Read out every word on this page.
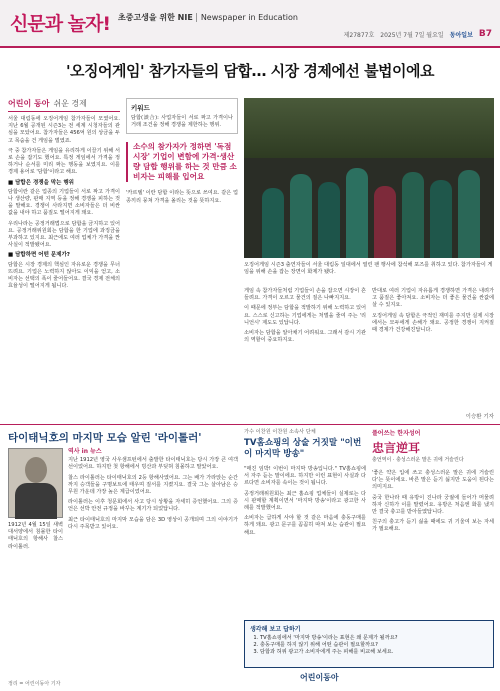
신문과 놀자! 초중고생을 위한 NIE Newspaper in Education
제27877호 2025년 7월 7일 월요일 동아일보 B7
'오징어게임' 참가자들의 담합… 시장 경제에선 불법이에요
어린이 동아 쉬운 경제

서울 대림동에 오징어게임 참가자들이 모였어요. 지난 6월 공개된 시즌3는 전 세계 시청자들의 관심을 모았어요. 참가자들은 456억 원의 상금을 두고 목숨을 건 게임을 벌였죠.

극 중 참가자들은 게임을 유리하게 이끌기 위해 서로 손을 잡기도 했어요. 특정 게임에서 가격을 정하거나 순서를 미리 짜는 행동을 보였지요. 이를 경제 용어로 '담합'이라고 해요.

■ 담합은 경쟁을 막는 행위

담합이란 같은 업종의 기업들이 서로 짜고 가격이나 생산량, 판매 지역 등을 정해 경쟁을 피하는 것을 말해요. 경쟁이 사라지면 소비자들은 더 비싼 값을 내야 하고 품질도 떨어지게 돼요.

우리나라는 공정거래법으로 담합을 금지하고 있어요. 공정거래위원회는 담합을 한 기업에 과징금을 부과하고 있지요. 최근에도 여러 업체가 가격을 짠 사실이 적발됐어요.

■ 담합하면 어떤 문제가?

담합은 시장 경제의 핵심인 자유로운 경쟁을 무너뜨려요. 기업은 노력하지 않아도 이익을 얻고, 소비자는 선택의 폭이 줄어들어요. 결국 경제 전체의 효율성이 떨어지게 됩니다.

키워드
담합(談合): 사업자들이 서로 짜고 가격이나 거래 조건을 정해 경쟁을 제한하는 행위.
소수의 참가자가 정하면 '독점 시장' 기업이 변함에 가격·생산량 담합 행위를 하는 것 만큼 소비자는 피해를 입어요
'카르텔' 이란 담합 이라는 뜻으로 쓰여요. 같은 업종끼리 뭉쳐 가격을 올리는 것을 뜻하지요.
오징어게임 시즌3 출연자들이 서울 대림동 일대에서 열린 팬 행사에 참석해 포즈를 취하고 있다. 참가자들이 게임을 위해 손을 잡는 장면이 화제가 됐다.

게임 속 참가자들처럼 기업들이 손을 잡으면 시장이 흔들려요. 가격이 오르고 물건의 질은 나빠지지요.

이 때문에 정부는 담합을 적발하기 위해 노력하고 있어요. 스스로 신고하는 기업에게는 처벌을 줄여 주는 '리니언시' 제도도 있답니다.

소비자는 담합을 알아채기 어려워요. 그래서 감시 기관의 역할이 중요하지요.

반대로 여러 기업이 자유롭게 경쟁하면 가격은 내려가고 품질은 좋아져요. 소비자는 더 좋은 물건을 싼값에 살 수 있지요.

오징어게임 속 담합은 극적인 재미를 주지만 실제 시장에서는 모두에게 손해가 돼요. 공정한 경쟁이 지켜질 때 경제가 건강해진답니다.

이승환 기자
타이태닉호의 마지막 모습 알린 '라이톨러'

1912년 4월 15일 새벽 대서양에서 침몰한 타이태닉호의 항해사 찰스 라이톨러.

역사 in 뉴스

지난 1912년 영국 사우샘프턴에서 출발한 타이태닉호는 당시 가장 큰 여객선이었어요. 하지만 첫 항해에서 빙산과 부딪혀 침몰하고 말았어요.

찰스 라이톨러는 타이태닉호의 2등 항해사였어요. 그는 배가 가라앉는 순간까지 승객들을 구명보트에 태우며 질서를 지켰지요. 결국 그는 살아남은 승무원 가운데 가장 높은 계급이었어요.

라이톨러는 이후 청문회에서 사고 당시 상황을 자세히 증언했어요. 그의 증언은 선박 안전 규정을 바꾸는 계기가 되었답니다.

최근 타이태닉호의 마지막 모습을 담은 3D 영상이 공개되며 그의 이야기가 다시 주목받고 있어요.

가수 이찬원 이찬원 소속사 단체
TV홈쇼핑의 상술 거짓말 "이번이 마지막 방송"

"매진 임박! 이번이 마지막 방송입니다." TV홈쇼핑에서 자주 듣는 말이에요. 하지만 이런 표현이 사실과 다르다면 소비자를 속이는 것이 됩니다.

공정거래위원회는 최근 홈쇼핑 업체들이 실제로는 다시 판매할 계획이면서 '마지막 방송'이라고 광고한 사례를 적발했어요.

소비자는 급하게 사야 할 것 같은 마음에 충동구매를 하게 돼요. 광고 문구를 꼼꼼히 따져 보는 습관이 필요해요.

풀어쓰는 한자성어
忠言逆耳
충언역이 · 충성스러운 말은 귀에 거슬린다

'좋은 약은 입에 쓰고 충성스러운 말은 귀에 거슬린다'는 뜻이에요. 바른 말은 듣기 싫지만 도움이 된다는 의미지요.

중국 한나라 때 유방이 진나라 궁궐에 들어가 머물려 하자 신하가 이를 말렸어요. 유방은 처음엔 화를 냈지만 결국 충고를 받아들였답니다.

친구의 충고가 듣기 싫을 때에도 귀 기울여 보는 자세가 필요해요.

생각해 보고 답하기
1. TV홈쇼핑에서 '마지막 방송'이라는 표현은 왜 문제가 될까요?
2. 충동구매를 하지 않기 위해 어떤 습관이 필요할까요?
3. 담합과 허위 광고가 소비자에게 주는 피해를 비교해 보세요.
어린이동아
정리 = 어린이동아 기자
